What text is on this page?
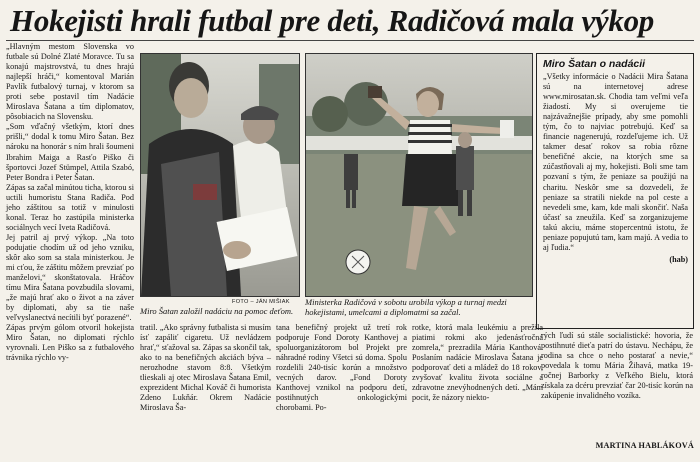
Hokejisti hrali futbal pre deti, Radičová mala výkop

„Hlavným mestom Slovenska vo futbale sú Dolné Zlaté Moravce. Tu sa konajú majstrovstvá, tu dnes hrajú najlepší hráči,“ komentoval Marián Pavlík futbalový turnaj, v ktorom sa proti sebe postavil tím Nadácie Miroslava Šatana a tím diplomatov, pôsobiacich na Slovensku.

„Som vďačný všetkým, ktorí dnes prišli,“ dodal k tomu Miro Šatan. Bez nároku na honorár s ním hrali šoumeni Ibrahim Maiga a Rasťo Piško či športovci Jozef Stümpel, Attila Szabó, Peter Bondra i Peter Šatan.

Zápas sa začal minútou ticha, ktorou si uctili humoristu Stana Radiča. Pod jeho záštitou sa totiž v minulosti konal. Teraz ho zastúpila ministerka sociálnych vecí Iveta Radičová.

Jej patril aj prvý výkop. „Na toto podujatie chodím už od jeho vzniku, skôr ako som sa stala ministerkou. Je mi cťou, že záštitu môžem prevziať po manželovi,“ skonštatovala. Hráčov tímu Mira Šatana povzbudila slovami, „že majú hrať ako o život a na záver by diplomati, aby sa tie naše veľvyslanectvá necítili byť porazené“.

Zápas prvým gólom otvoril hokejista Miro Šatan, no diplomati rýchlo vyrovnali. Len Piško sa z futbalového trávnika rýchlo vy-

FOTO – JÁN MIŠIAK
Miro Šatan založil nadáciu na pomoc deťom.
Ministerka Radičová v sobotu urobila výkop a turnaj medzi hokejistami, umelcami a diplomatmi sa začal.
Miro Šatan o nadácii
„Všetky informácie o Nadácii Mira Šatana sú na internetovej adrese www.mirosatan.sk. Chodia tam veľmi veľa žiadostí. My si overujeme tie najzávažnejšie prípady, aby sme pomohli tým, čo to najviac potrebujú. Keď sa financie nagenerujú, rozdeľujeme ich. Už takmer desať rokov sa robia rôzne benefičné akcie, na ktorých sme sa zúčastňovali aj my, hokejisti. Boli sme tam pozvaní s tým, že peniaze sa použijú na charitu. Neskôr sme sa dozvedeli, že peniaze sa stratili niekde na pol ceste a nevedeli sme, kam, kde mali skončiť. Naša účasť sa zneužila. Keď sa zorganizujeme takú akciu, máme stopercentnú istotu, že peniaze popujutú tam, kam majú. A vedia to aj ľudia.“
(hab)
tratil. „Ako správny futbalista si musím ísť zapáliť cigaretu. Už nevládzem hrať,“ sťažoval sa. Zápas sa skončil tak, ako to na benefičných akciách býva – nerozhodne stavom 8:8. Všetkým tlieskali aj otec Miroslava Šatana Emil, exprezident Michal Kováč či humorista Zdeno Lukňár. Okrem Nadácie Miroslava Ša-
tana benefičný projekt už tretí rok podporuje Fond Doroty Kanthovej a spoluorganizátorom bol Projekt pre náhradné rodiny Všetci sú doma. Spolu rozdelili 240-tisíc korún a množstvo vecných darov. „Fond Doroty Kanthovej vznikol na podporu detí, postihnutých onkologickými chorobami. Po-
rotke, ktorá mala leukémiu a prežila piatimi rokmi ako jedenásťročná zomrela,“ prezradila Mária Kanthová. Poslaním nadácie Miroslava Šatana je podporovať deti a mládež do 18 rokov, zvyšovať kvalitu života sociálne a zdravotne znevýhodnených detí. „Mám pocit, že názory niekto-
rých ľudí sú stále socialistické: hovoria, že postihnuté dieťa patrí do ústavu. Nechápu, že rodina sa chce o neho postarať a nevie,“ povedala k tomu Mária Žihavá, matka 19-ročnej Barborky z Veľkého Bielu, ktorá získala za dcéru prevziať čar 20-tisíc korún na zakúpenie invalidného vozíka.
MARTINA HABLÁKOVÁ
